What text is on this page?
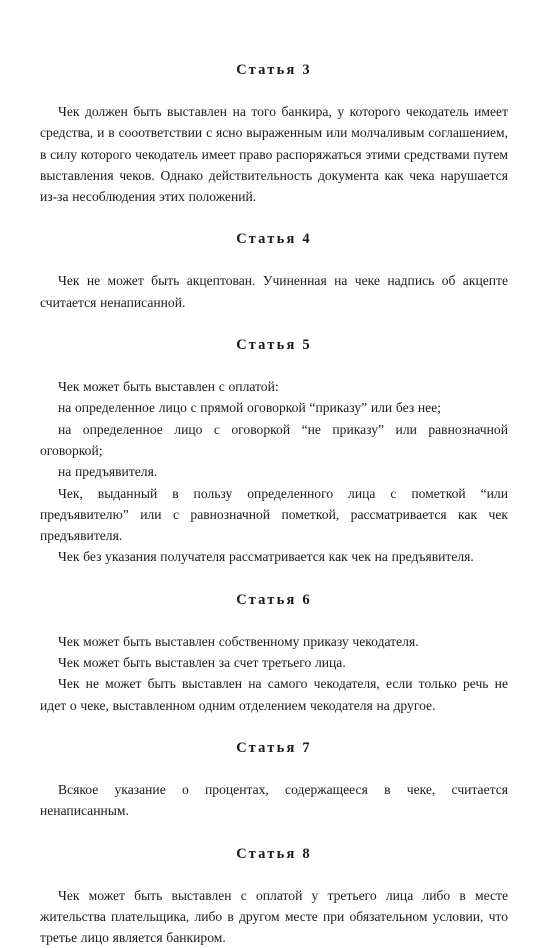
Статья 3

Чек должен быть выставлен на того банкира, у которого чекодатель имеет средства, и в сооответствии с ясно выраженным или молчаливым соглашением, в силу которого чекодатель имеет право распоряжаться этими средствами путем выставления чеков. Однако действительность документа как чека нарушается из-за несоблюдения этих положений.

Статья 4

Чек не может быть акцептован. Учиненная на чеке надпись об акцепте считается ненаписанной.

Статья 5

Чек может быть выставлен с оплатой:

на определенное лицо с прямой оговоркой “приказу” или без нее;

на определенное лицо с оговоркой “не приказу” или равнозначной оговоркой;

на предъявителя.

Чек, выданный в пользу определенного лица с пометкой “или предъявителю” или с равнозначной пометкой, рассматривается как чек предъявителя.

Чек без указания получателя рассматривается как чек на предъявителя.

Статья 6

Чек может быть выставлен собственному приказу чекодателя.

Чек может быть выставлен за счет третьего лица.

Чек не может быть выставлен на самого чекодателя, если только речь не идет о чеке, выставленном одним отделением чекодателя на другое.

Статья 7

Всякое указание о процентах, содержащееся в чеке, считается ненаписанным.

Статья 8

Чек может быть выставлен с оплатой у третьего лица либо в месте жительства плательщика, либо в другом месте при обязательном условии, что третье лицо является банкиром.
